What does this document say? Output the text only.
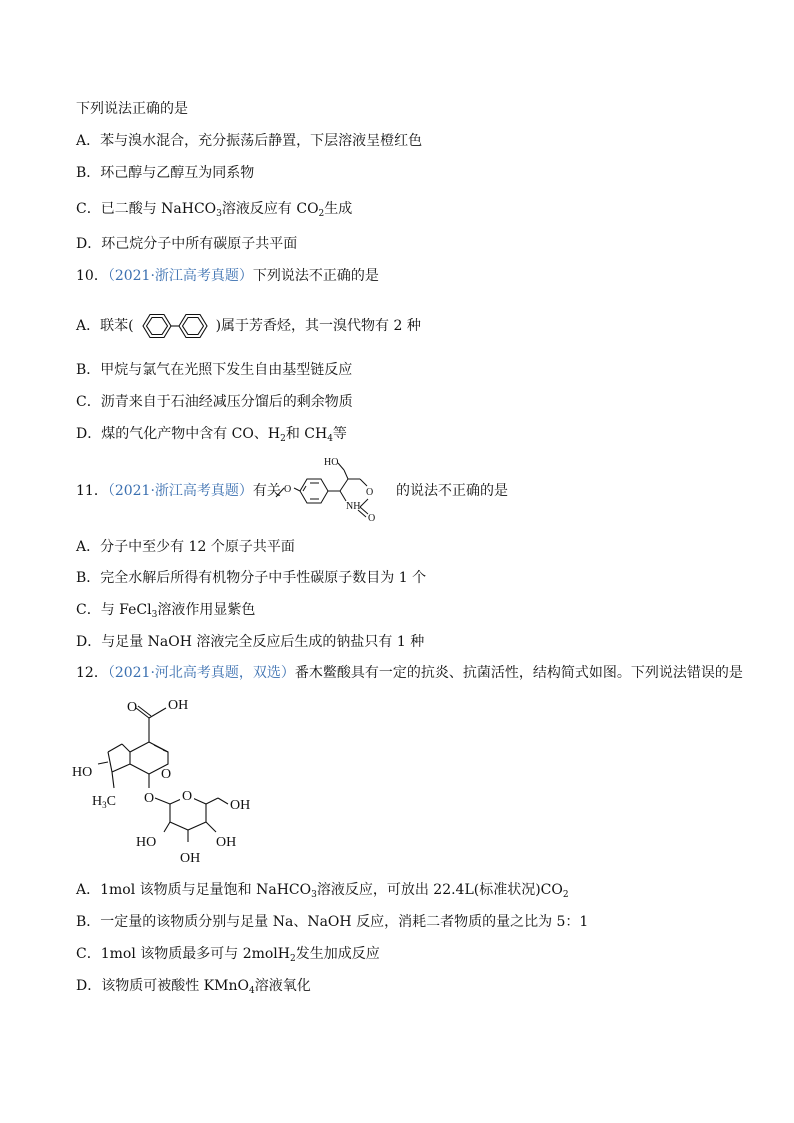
下列说法正确的是
A．苯与溴水混合，充分振荡后静置，下层溶液呈橙红色
B．环己醇与乙醇互为同系物
C．已二酸与 NaHCO$_3$溶液反应有 $CO_2$生成
D．环己烷分子中所有碳原子共平面
10．（2021·浙江高考真题）下列说法不正确的是
A．联苯(	)属于芳香烃，其一溴代物有 2 种
B．甲烷与氯气在光照下发生自由基型链反应
C．沥青来自于石油经减压分馏后的剩余物质
D．煤的气化产物中含有 CO、$H_2$和 $CH_4$等
11．（2021·浙江高考真题）有关 O
HO
O
NH
O
的说法不正确的是
A．分子中至少有 12 个原子共平面
B．完全水解后所得有机物分子中手性碳原子数目为 1 个
C．与 FeCl$_3$溶液作用显紫色
D．与足量 NaOH 溶液完全反应后生成的钠盐只有 1 种
12．（2021·河北高考真题，双选）番木鳖酸具有一定的抗炎、抗菌活性，结构简式如图。下列说法错误的是
O OH
HO	O
$H_3C$ O O
OH
HO
OH
OH
A．1mol 该物质与足量饱和 NaHCO$_3$溶液反应，可放出 22.4L(标准状况)$CO_2$
B．一定量的该物质分别与足量 Na、NaOH 反应，消耗二者物质的量之比为 5：1
C．1mol 该物质最多可与 2molH$_2$发生加成反应
D．该物质可被酸性 KMnO$_4$溶液氧化
